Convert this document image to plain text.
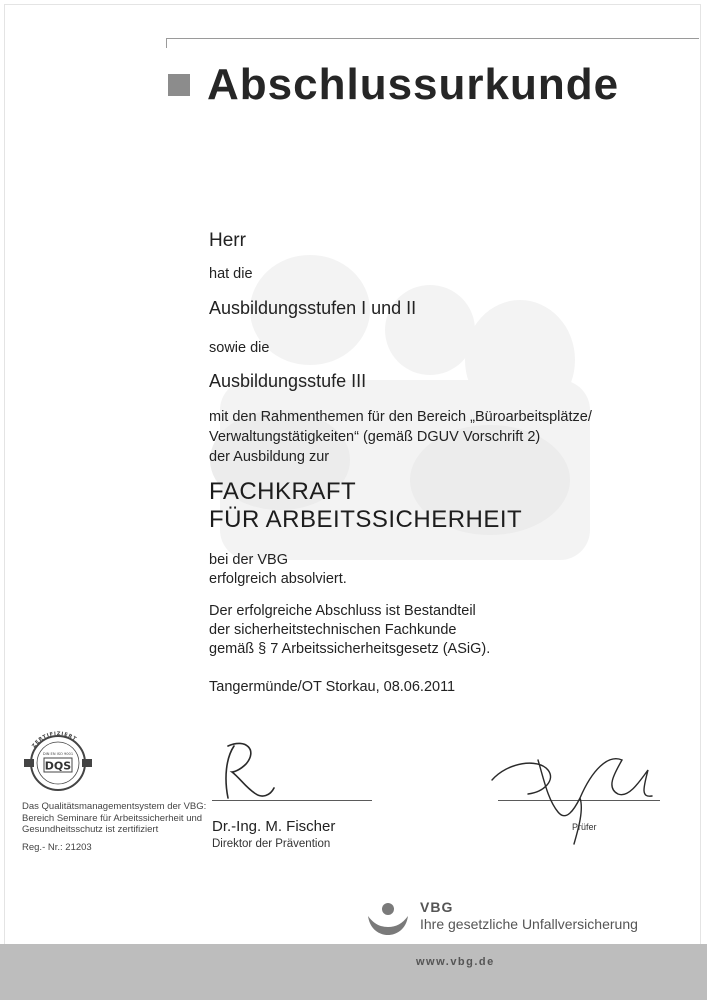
Abschlussurkunde
Herr
hat die
Ausbildungsstufen I und II
sowie die
Ausbildungsstufe III
mit den Rahmenthemen für den Bereich „Büroarbeitsplätze/
Verwaltungstätigkeiten“ (gemäß DGUV Vorschrift 2)
der Ausbildung zur
FACHKRAFT
FÜR ARBEITSSICHERHEIT
bei der VBG
erfolgreich absolviert.
Der erfolgreiche Abschluss ist Bestandteil
der sicherheitstechnischen Fachkunde
gemäß § 7 Arbeitssicherheitsgesetz (ASiG).
Tangermünde/OT Storkau, 08.06.2011
Dr.-Ing. M. Fischer
Direktor der Prävention
Prüfer
ZERTIFIZIERT
DIN EN ISO 9001
DQS
Das Qualitätsmanagementsystem der VBG:
Bereich Seminare für Arbeitssicherheit und
Gesundheitsschutz ist zertifiziert
Reg.- Nr.: 21203
VBG
Ihre gesetzliche Unfallversicherung
www.vbg.de
